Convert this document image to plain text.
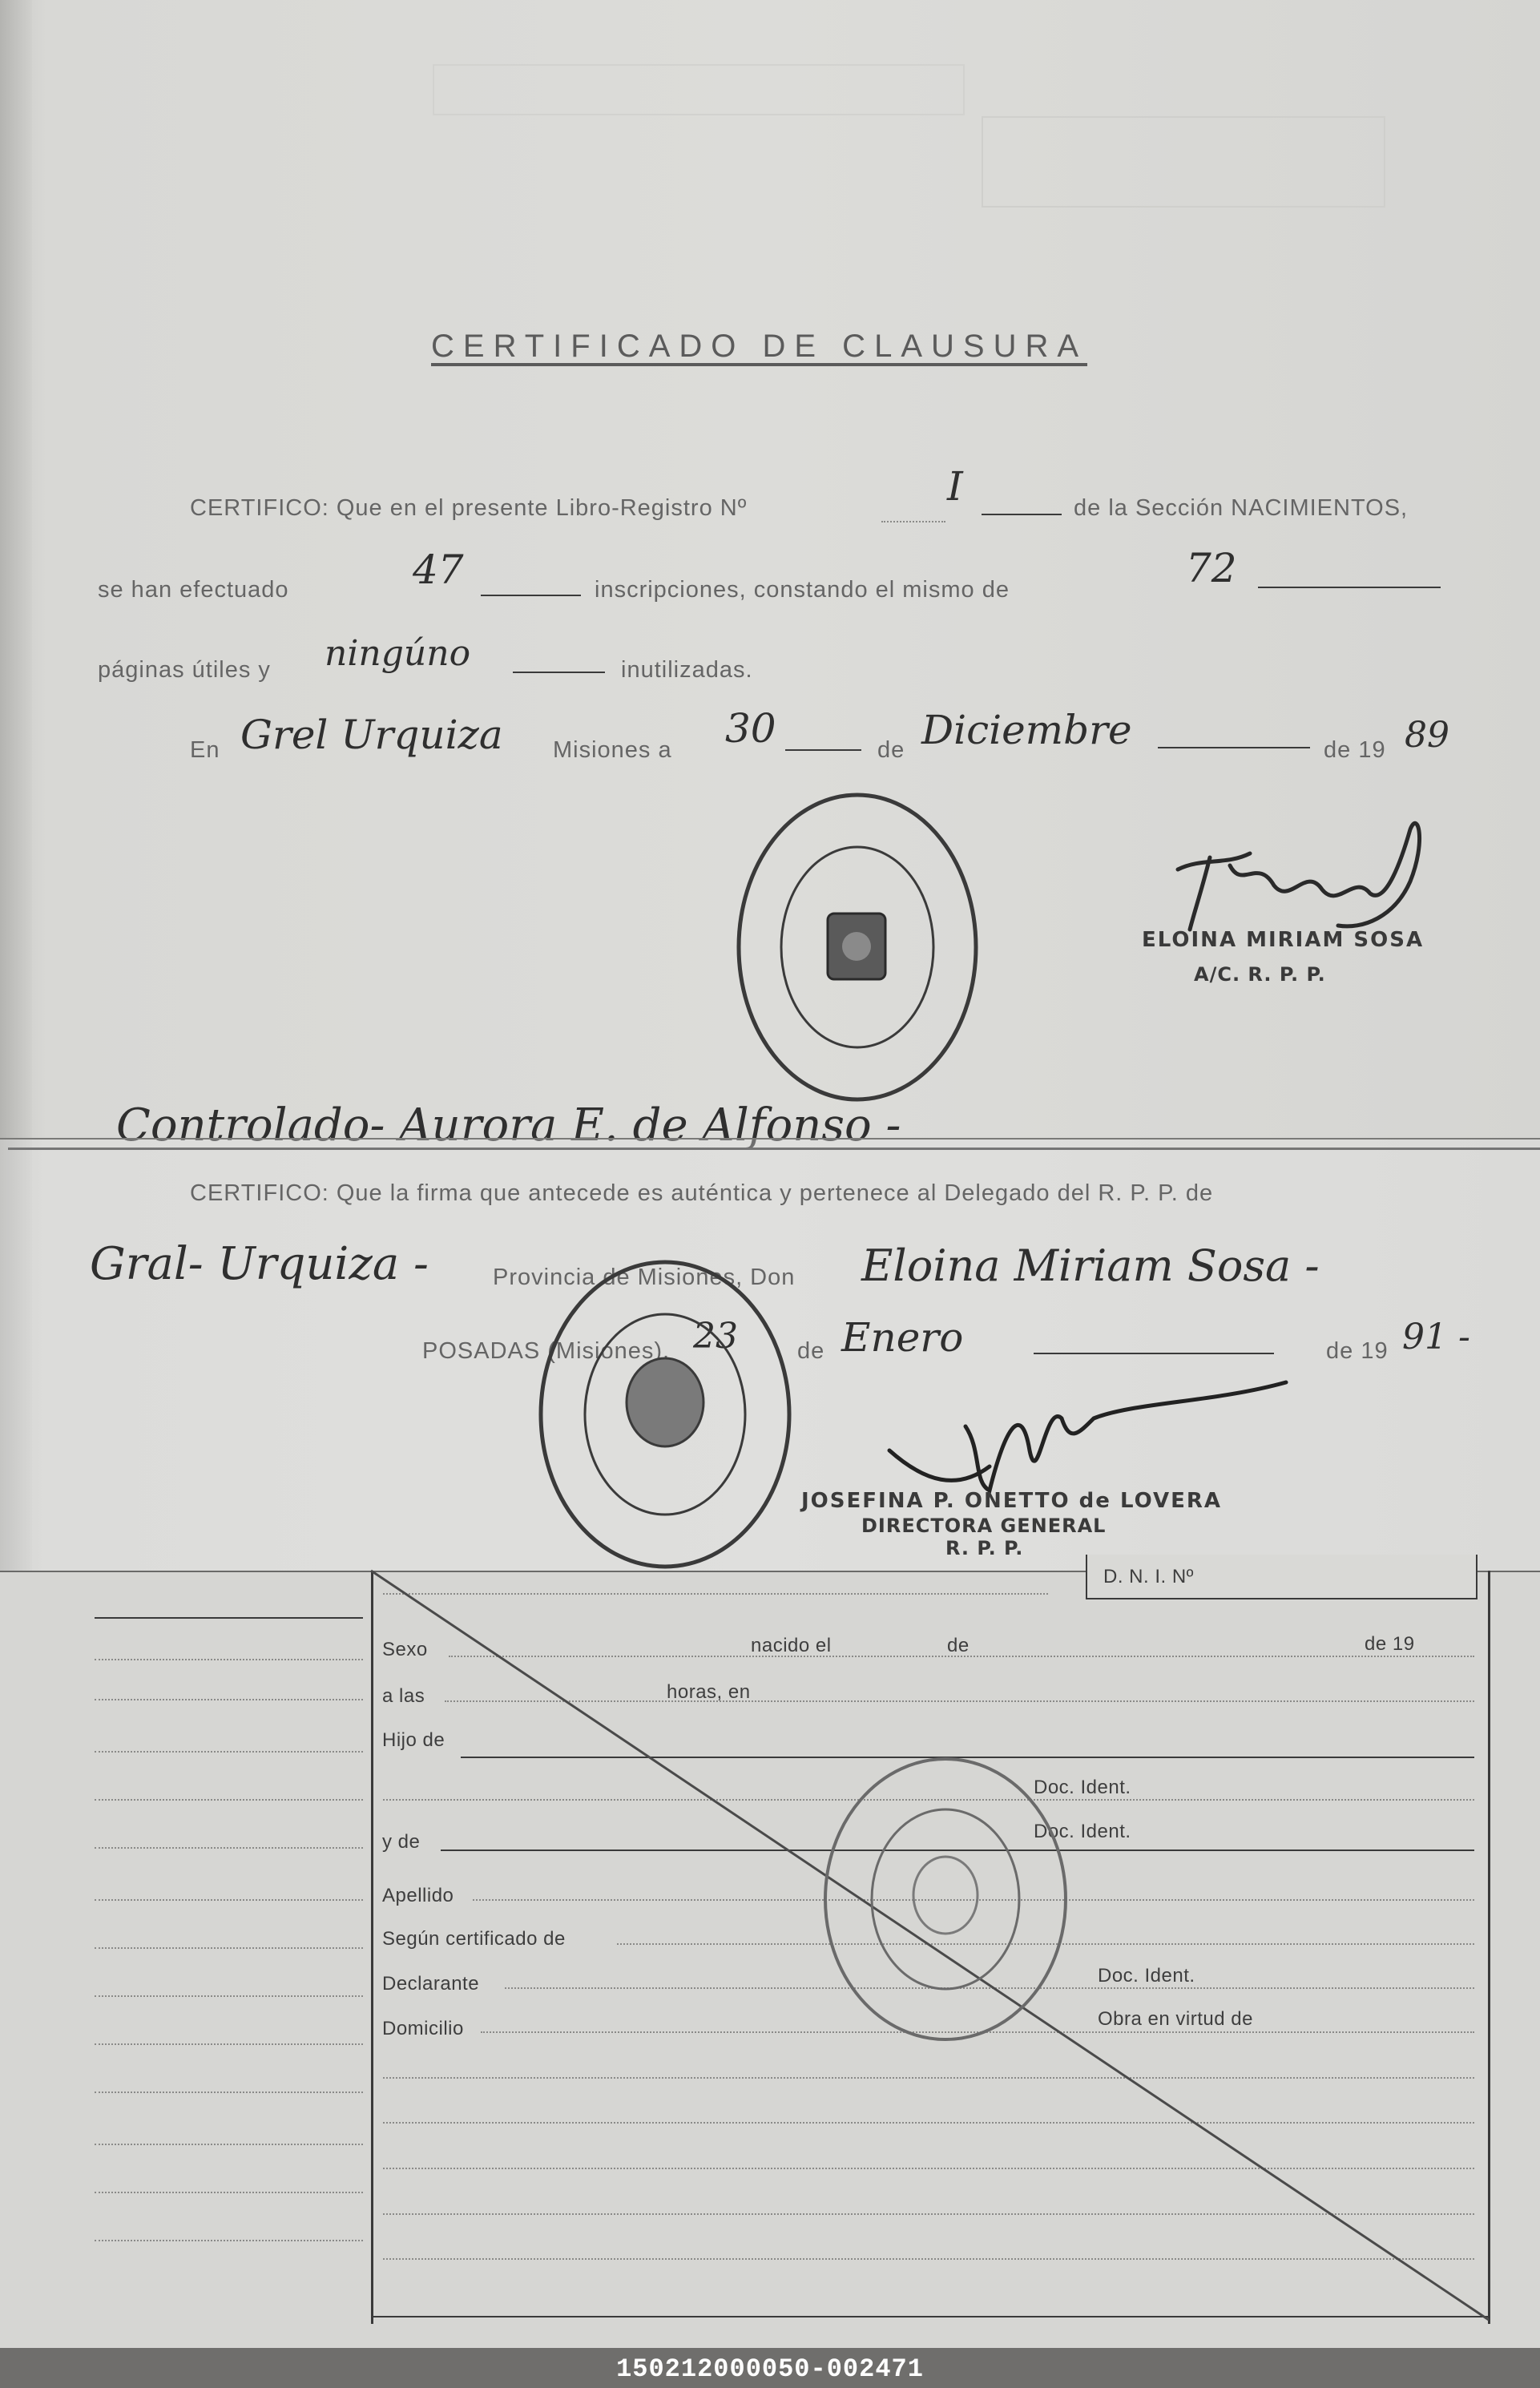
CERTIFICADO DE CLAUSURA
CERTIFICO: Que en el presente Libro-Registro Nº	I	de la Sección NACIMIENTOS,
se han efectuado	47	inscripciones, constando el mismo de	72
páginas útiles y ningúno	inutilizadas.
En Grel Urquiza Misiones a 30	de Diciembre	de 19 89
ELOINA MIRIAM SOSA
A/C. R. P. P.
Controlado- Aurora E. de Alfonso -
CERTIFICO: Que la firma que antecede es auténtica y pertenece al Delegado del R. P. P. de
Gral- Urquiza -	Provincia de Misiones, Don Eloina Miriam Sosa -
POSADAS (Misiones), 23	de Enero	de 19 91 -
JOSEFINA P. ONETTO de LOVERA
DIRECTORA GENERAL
R. P. P.
D. N. I. Nº
Sexo	nacido el	de	de 19
a las	horas, en
Hijo de
Doc. Ident.
y de	Doc. Ident.
Apellido
Según certificado de
Declarante	Doc. Ident.
Domicilio	Obra en virtud de
150212000050-002471
